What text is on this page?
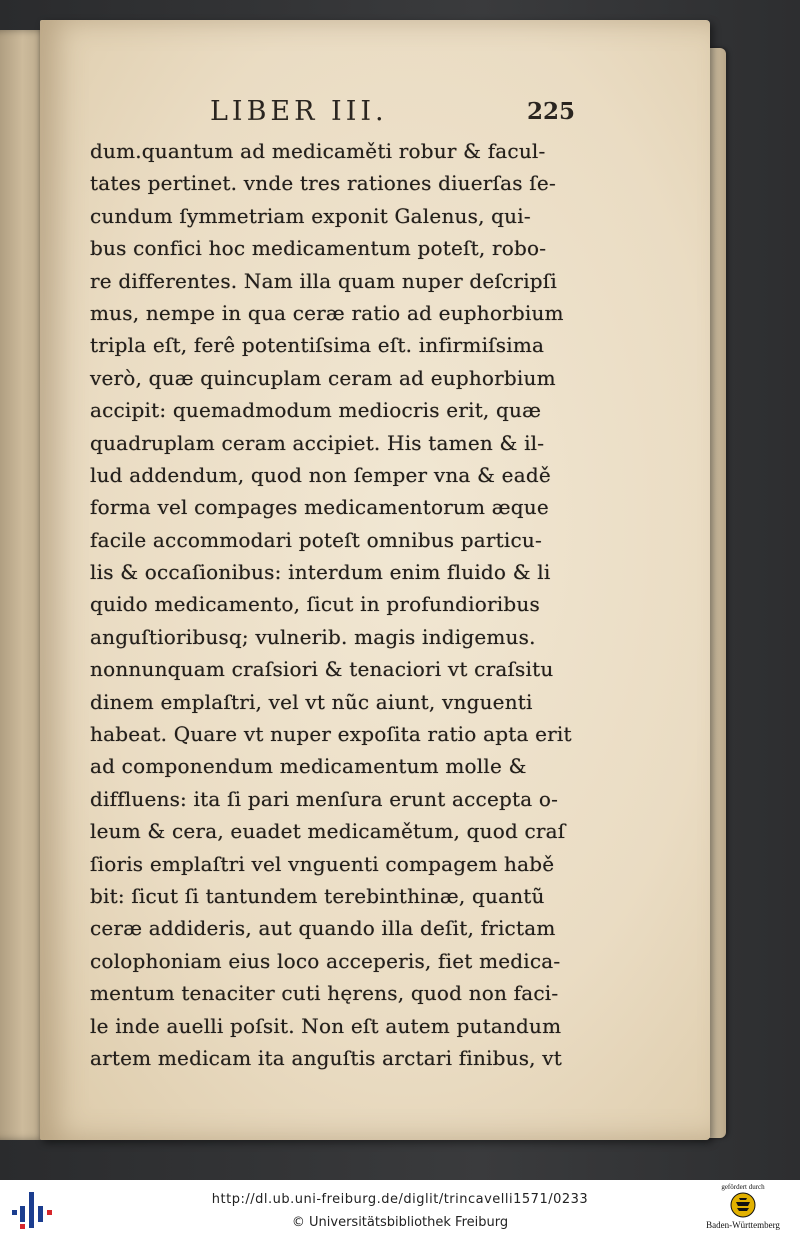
LIBER III.	225
dum.quantum ad medicaměti robur & facul-
tates pertinet. vnde tres rationes diuerſas ſe-
cundum ſymmetriam exponit Galenus, qui-
bus confici hoc medicamentum poteſt, robo-
re differentes. Nam illa quam nuper deſcripſi
mus, nempe in qua ceræ ratio ad euphorbium
tripla eſt, ferê potentiſsima eſt. infirmiſsima
verò, quæ quincuplam ceram ad euphorbium
accipit: quemadmodum mediocris erit, quæ
quadruplam ceram accipiet. His tamen & il-
lud addendum, quod non ſemper vna & eadě
forma vel compages medicamentorum æque
facile accommodari poteſt omnibus particu-
lis & occaſionibus: interdum enim fluido & li
quido medicamento, ſicut in profundioribus
anguſtioribusq; vulnerib. magis indigemus.
nonnunquam craſsiori & tenaciori vt craſsitu
dinem emplaſtri, vel vt nũc aiunt, vnguenti
habeat. Quare vt nuper expoſita ratio apta erit
ad componendum medicamentum molle &
diffluens: ita ſi pari menſura erunt accepta o-
leum & cera, euadet medicamětum, quod craſ
ſioris emplaſtri vel vnguenti compagem habě
bit: ſicut ſi tantundem terebinthinæ, quantũ
ceræ addideris, aut quando illa deſit, frictam
colophoniam eius loco acceperis, fiet medica-
mentum tenaciter cuti hęrens, quod non faci-
le inde auelli poſsit. Non eſt autem putandum
artem medicam ita anguſtis arctari finibus, vt
http://dl.ub.uni-freiburg.de/diglit/trincavelli1571/0233
© Universitätsbibliothek Freiburg
gefördert durch
Baden-Württemberg
